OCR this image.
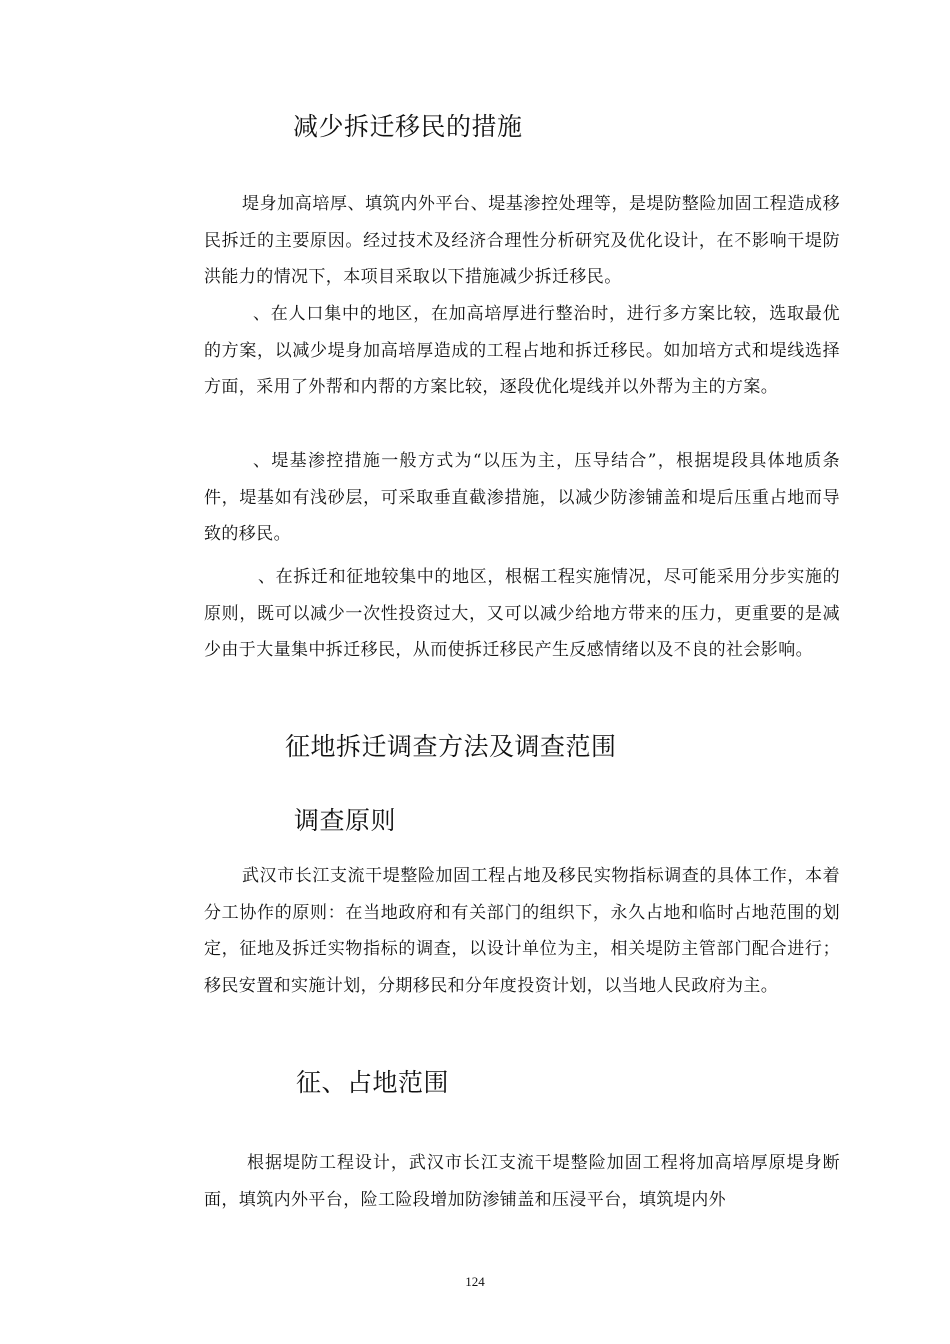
减少拆迁移民的措施

堤身加高培厚、填筑内外平台、堤基渗控处理等，是堤防整险加固工程造成移民拆迁的主要原因。经过技术及经济合理性分析研究及优化设计，在不影响干堤防洪能力的情况下，本项目采取以下措施减少拆迁移民。

、在人口集中的地区，在加高培厚进行整治时，进行多方案比较，选取最优的方案，以减少堤身加高培厚造成的工程占地和拆迁移民。如加培方式和堤线选择方面，采用了外帮和内帮的方案比较，逐段优化堤线并以外帮为主的方案。

、堤基渗控措施一般方式为“以压为主，压导结合”，根据堤段具体地质条件，堤基如有浅砂层，可采取垂直截渗措施，以减少防渗铺盖和堤后压重占地而导致的移民。

、在拆迁和征地较集中的地区，根椐工程实施情况，尽可能采用分步实施的原则，既可以减少一次性投资过大，又可以减少给地方带来的压力，更重要的是减少由于大量集中拆迁移民，从而使拆迁移民产生反感情绪以及不良的社会影响。

征地拆迁调查方法及调查范围
调查原则

武汉市长江支流干堤整险加固工程占地及移民实物指标调查的具体工作，本着分工协作的原则：在当地政府和有关部门的组织下，永久占地和临时占地范围的划定，征地及拆迁实物指标的调查，以设计单位为主，相关堤防主管部门配合进行；移民安置和实施计划，分期移民和分年度投资计划，以当地人民政府为主。

征、占地范围

根据堤防工程设计，武汉市长江支流干堤整险加固工程将加高培厚原堤身断面，填筑内外平台，险工险段增加防渗铺盖和压浸平台，填筑堤内外

124
